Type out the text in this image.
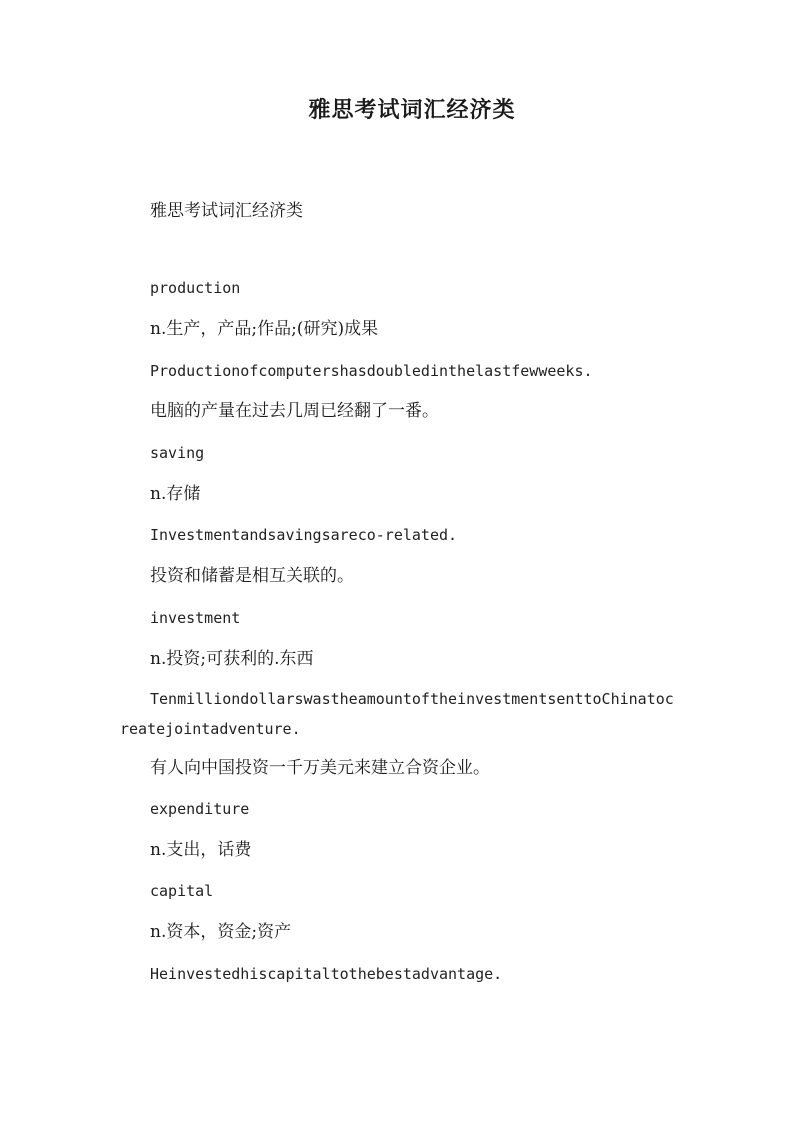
雅思考试词汇经济类

雅思考试词汇经济类

production

n.生产，产品;作品;(研究)成果

Productionofcomputershasdoubledinthelastfewweeks.

电脑的产量在过去几周已经翻了一番。

saving

n.存储

Investmentandsavingsareco-related.

投资和储蓄是相互关联的。

investment

n.投资;可获利的.东西

TenmilliondollarswastheamountoftheinvestmentsenttoChinatocreatejointadventure.

有人向中国投资一千万美元来建立合资企业。

expenditure

n.支出，话费

capital

n.资本，资金;资产

Heinvestedhiscapitaltothebestadvantage.
